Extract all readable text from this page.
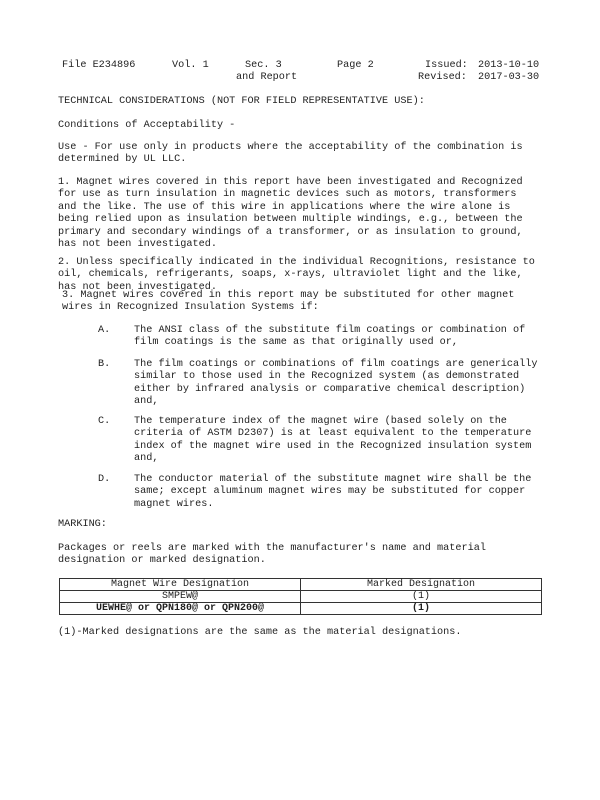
File E234896	Vol. 1	Sec. 3
and Report
Page 2	Issued: 2013-10-10
Revised: 2017-03-30
TECHNICAL CONSIDERATIONS (NOT FOR FIELD REPRESENTATIVE USE):
Conditions of Acceptability -
Use - For use only in products where the acceptability of the combination is determined by UL LLC.
1. Magnet wires covered in this report have been investigated and Recognized for use as turn insulation in magnetic devices such as motors, transformers and the like. The use of this wire in applications where the wire alone is being relied upon as insulation between multiple windings, e.g., between the primary and secondary windings of a transformer, or as insulation to ground, has not been investigated.
2. Unless specifically indicated in the individual Recognitions, resistance to oil, chemicals, refrigerants, soaps, x-rays, ultraviolet light and the like, has not been investigated.
3. Magnet wires covered in this report may be substituted for other magnet wires in Recognized Insulation Systems if:
A. The ANSI class of the substitute film coatings or combination of film coatings is the same as that originally used or,
B. The film coatings or combinations of film coatings are generically similar to those used in the Recognized system (as demonstrated either by infrared analysis or comparative chemical description) and,
C. The temperature index of the magnet wire (based solely on the criteria of ASTM D2307) is at least equivalent to the temperature index of the magnet wire used in the Recognized insulation system and,
D. The conductor material of the substitute magnet wire shall be the same; except aluminum magnet wires may be substituted for copper magnet wires.
MARKING:
Packages or reels are marked with the manufacturer's name and material designation or marked designation.
Magnet Wire Designation	Marked Designation
SMPEW@	(1)
UEWHE@ or QPN180@ or QPN200@	(1)
(1)-Marked designations are the same as the material designations.
